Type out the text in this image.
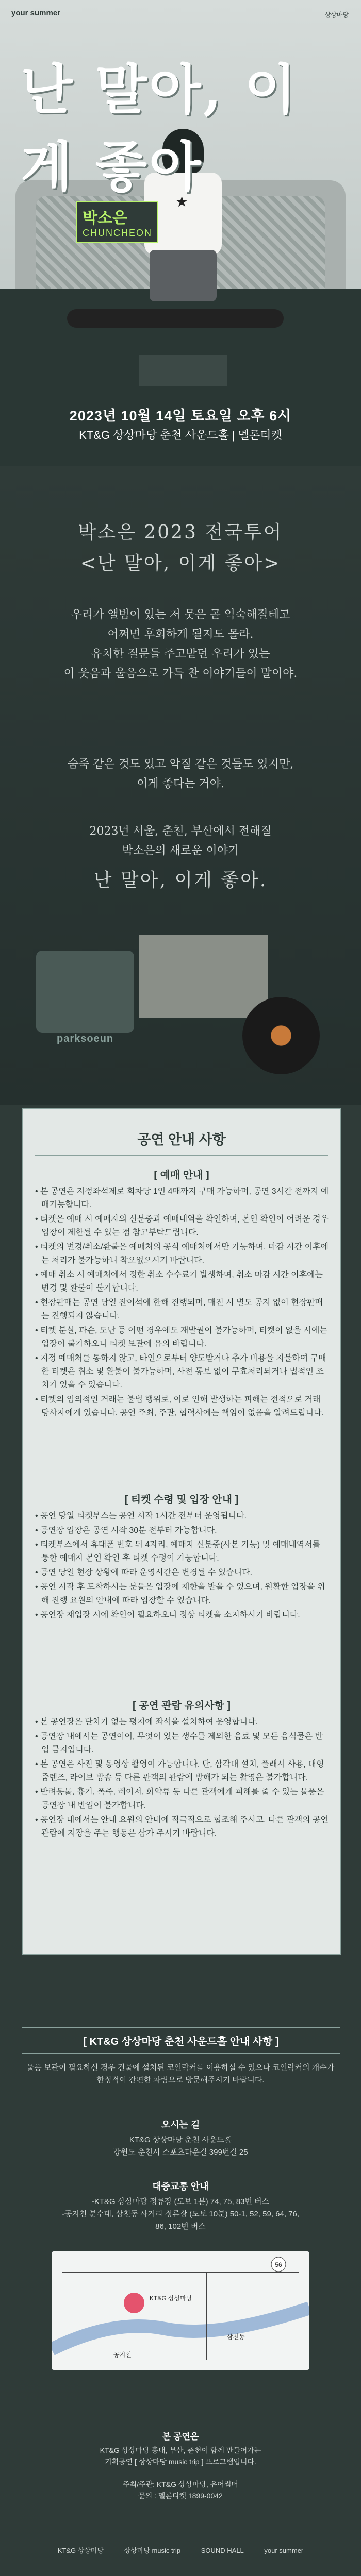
★
your summer	상상마당
난 말아, 이게 좋아
박소은
CHUNCHEON
2023년 10월 14일 토요일 오후 6시
KT&G 상상마당 춘천 사운드홀 | 멜론티켓
박소은 2023 전국투어
<난 말아, 이게 좋아>
우리가 앨범이 있는 저 뭇은 곧 익숙해질테고
어쩌면 후회하게 될지도 몰라.
유치한 질문들 주고받던 우리가 있는
이 웃음과 울음으로 가득 찬 이야기들이 말이야.
숨죽 같은 것도 있고 악질 같은 것들도 있지만,
이게 좋다는 거야.
2023년 서울, 춘천, 부산에서 전해질
박소은의 새로운 이야기
난 말아, 이게 좋아.
parksoeun
공연 안내 사항
[ 예매 안내 ]
• 본 공연은 지정좌석제로 회차당 1인 4매까지 구매 가능하며, 공연 3시간 전까지 예매가능합니다.
• 티켓은 예매 시 예매자의 신분증과 예매내역을 확인하며, 본인 확인이 어려운 경우 입장이 제한될 수 있는 점 참고부탁드립니다.
• 티켓의 변경/취소/환불은 예매처의 공식 예매처에서만 가능하며, 마감 시간 이후에는 처리가 불가능하니 착오없으시기 바랍니다.
• 예매 취소 시 예매처에서 정한 취소 수수료가 발생하며, 취소 마감 시간 이후에는 변경 및 환불이 불가합니다.
• 현장판매는 공연 당일 잔여석에 한해 진행되며, 매진 시 별도 공지 없이 현장판매는 진행되지 않습니다.
• 티켓 분실, 파손, 도난 등 어떤 경우에도 재발권이 불가능하며, 티켓이 없을 시에는 입장이 불가하오니 티켓 보관에 유의 바랍니다.
• 지정 예매처를 통하지 않고, 타인으로부터 양도받거나 추가 비용을 지불하여 구매한 티켓은 취소 및 환불이 불가능하며, 사전 통보 없이 무효처리되거나 법적인 조치가 있을 수 있습니다.
• 티켓의 임의적인 거래는 불법 행위로, 이로 인해 발생하는 피해는 전적으로 거래 당사자에게 있습니다. 공연 주최, 주관, 협력사에는 책임이 없음을 알려드립니다.
[ 티켓 수령 및 입장 안내 ]
• 공연 당일 티켓부스는 공연 시작 1시간 전부터 운영됩니다.
• 공연장 입장은 공연 시작 30분 전부터 가능합니다.
• 티켓부스에서 휴대폰 번호 뒤 4자리, 예매자 신분증(사본 가능) 및 예매내역서를 통한 예매자 본인 확인 후 티켓 수령이 가능합니다.
• 공연 당일 현장 상황에 따라 운영시간은 변경될 수 있습니다.
• 공연 시작 후 도착하시는 분들은 입장에 제한을 받을 수 있으며, 원활한 입장을 위해 진행 요원의 안내에 따라 입장할 수 있습니다.
• 공연장 재입장 시에 확인이 필요하오니 정상 티켓을 소지하시기 바랍니다.
[ 공연 관람 유의사항 ]
• 본 공연장은 단차가 없는 평지에 좌석을 설치하여 운영합니다.
• 공연장 내에서는 공연이어, 무엇이 있는 생수를 제외한 음료 및 모든 음식물은 반입 금지입니다.
• 본 공연은 사진 및 동영상 촬영이 가능합니다. 단, 삼각대 설치, 플래시 사용, 대형 줌렌즈, 라이브 방송 등 다른 관객의 관람에 방해가 되는 촬영은 불가합니다.
• 반려동물, 흉기, 폭죽, 레이저, 화약류 등 다른 관객에게 피해를 줄 수 있는 물품은 공연장 내 반입이 불가합니다.
• 공연장 내에서는 안내 요원의 안내에 적극적으로 협조해 주시고, 다른 관객의 공연 관람에 지장을 주는 행동은 삼가 주시기 바랍니다.
[ KT&G 상상마당 춘천 사운드홀 안내 사항 ]
물품 보관이 필요하신 경우 건물에 설치된 코인락커를 이용하실 수 있으나 코인락커의 개수가 한정적이 간편한 차림으로 방문해주시기 바랍니다.
오시는 길
KT&G 상상마당 춘천 사운드홀
강원도 춘천시 스포츠타운길 399번길 25
대중교통 안내
-KT&G 상상마당 정류장 (도보 1분) 74, 75, 83번 버스
-공지천 분수대, 삼천동 사거리 정류장 (도보 10분) 50-1, 52, 59, 64, 76,
86, 102번 버스
56
KT&G 상상마당
공지천
삼천동
본 공연은
KT&G 상상마당 홍대, 부산, 춘천이 함께 만들어가는
기획공연 [ 상상마당 music trip ] 프로그램입니다.

주최/주관: KT&G 상상마당, 유어썸머
문의 : 멜론티켓 1899-0042
KT&G 상상마당	상상마당 music trip	SOUND HALL	your summer
